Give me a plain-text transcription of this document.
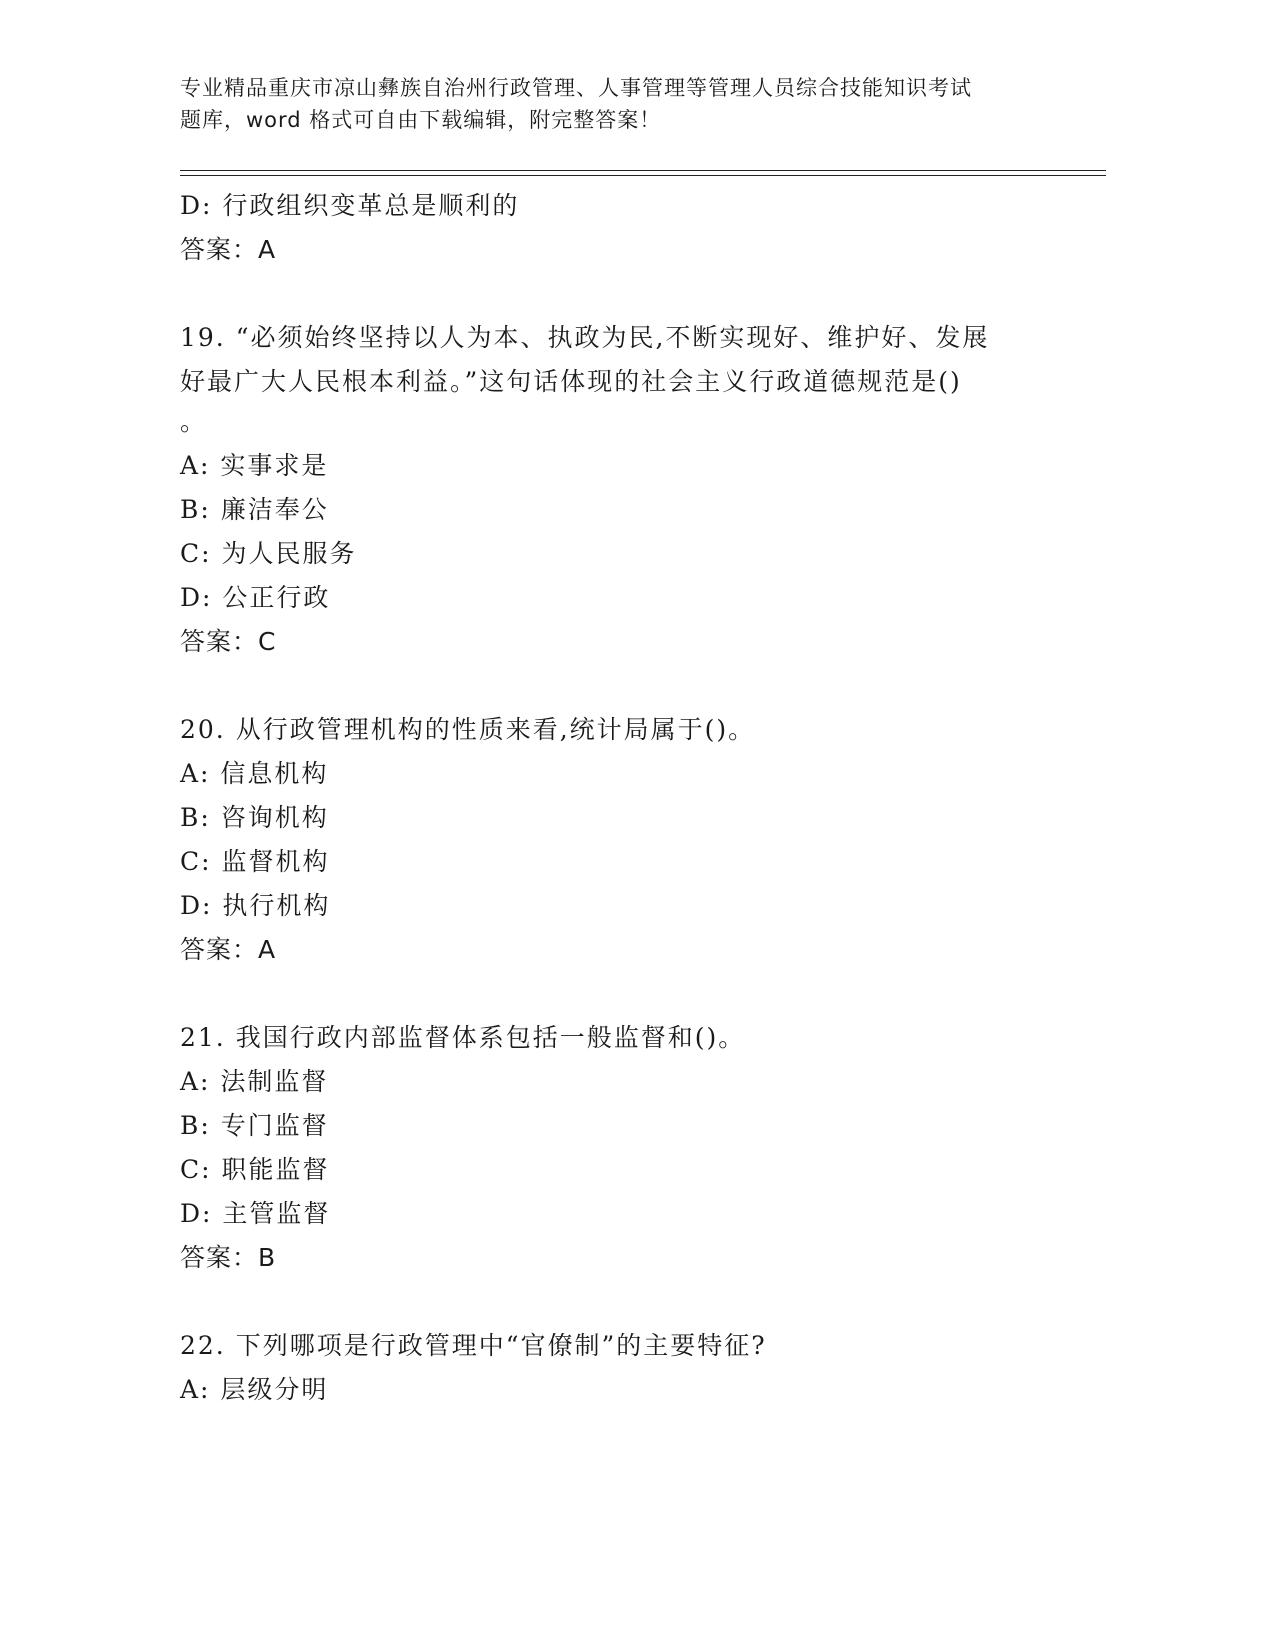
专业精品重庆市凉山彝族自治州行政管理、人事管理等管理人员综合技能知识考试
题库，word 格式可自由下载编辑，附完整答案！
D: 行政组织变革总是顺利的
答案：A
19. “必须始终坚持以人为本、执政为民,不断实现好、维护好、发展
好最广大人民根本利益。”这句话体现的社会主义行政道德规范是()
。
A: 实事求是
B: 廉洁奉公
C: 为人民服务
D: 公正行政
答案：C
20. 从行政管理机构的性质来看,统计局属于()。
A: 信息机构
B: 咨询机构
C: 监督机构
D: 执行机构
答案：A
21. 我国行政内部监督体系包括一般监督和()。
A: 法制监督
B: 专门监督
C: 职能监督
D: 主管监督
答案：B
22. 下列哪项是行政管理中“官僚制”的主要特征?
A: 层级分明
